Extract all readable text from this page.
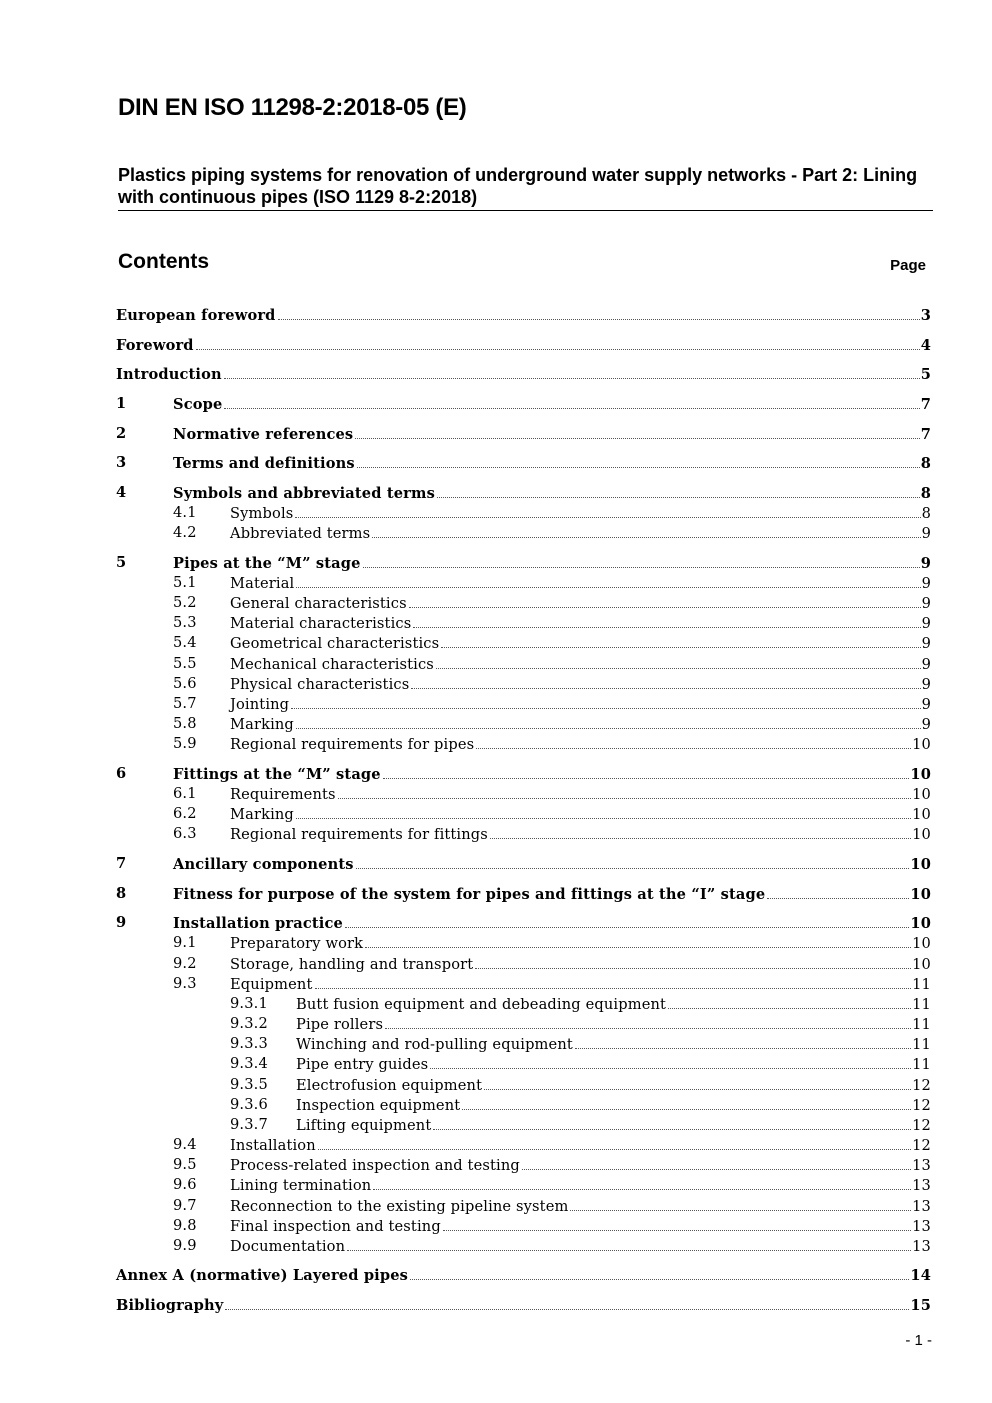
DIN EN ISO 11298-2:2018-05 (E)
Plastics piping systems for renovation of underground water supply networks - Part 2: Lining with continuous pipes (ISO 1129 8-2:2018)
Contents	Page
European foreword	3
Foreword	4
Introduction	5
1	Scope	7
2	Normative references	7
3	Terms and definitions	8
4	Symbols and abbreviated terms	8
4.1 Symbols	8
4.2 Abbreviated terms	9
5	Pipes at the “M” stage	9
5.1 Material	9
5.2 General characteristics	9
5.3 Material characteristics	9
5.4 Geometrical characteristics	9
5.5 Mechanical characteristics	9
5.6 Physical characteristics	9
5.7 Jointing	9
5.8 Marking	9
5.9 Regional requirements for pipes	10
6	Fittings at the “M” stage	10
6.1 Requirements	10
6.2 Marking	10
6.3 Regional requirements for fittings	10
7	Ancillary components	10
8	Fitness for purpose of the system for pipes and fittings at the “I” stage	10
9	Installation practice	10
9.1 Preparatory work	10
9.2 Storage, handling and transport	10
9.3 Equipment	11
9.3.1 Butt fusion equipment and debeading equipment	11
9.3.2 Pipe rollers	11
9.3.3 Winching and rod-pulling equipment	11
9.3.4 Pipe entry guides	11
9.3.5 Electrofusion equipment	12
9.3.6 Inspection equipment	12
9.3.7 Lifting equipment	12
9.4 Installation	12
9.5 Process-related inspection and testing	13
9.6 Lining termination	13
9.7 Reconnection to the existing pipeline system	13
9.8 Final inspection and testing	13
9.9 Documentation	13
Annex A (normative) Layered pipes	14
Bibliography	15
- 1 -
